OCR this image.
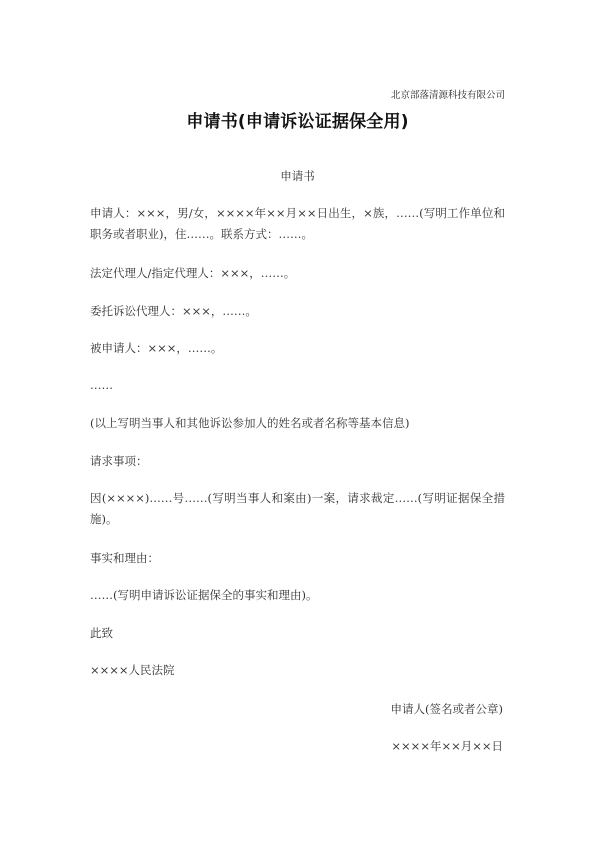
北京部落清源科技有限公司
申请书(申请诉讼证据保全用)
申请书

申请人：×××，男/女，××××年××月××日出生，×族，……(写明工作单位和职务或者职业)，住……。联系方式：……。

法定代理人/指定代理人：×××，……。

委托诉讼代理人：×××，……。

被申请人：×××，……。

……

(以上写明当事人和其他诉讼参加人的姓名或者名称等基本信息)

请求事项：

因(××××)……号……(写明当事人和案由)一案，请求裁定……(写明证据保全措施)。

事实和理由：

……(写明申请诉讼证据保全的事实和理由)。

此致

××××人民法院

申请人(签名或者公章)
××××年××月××日
